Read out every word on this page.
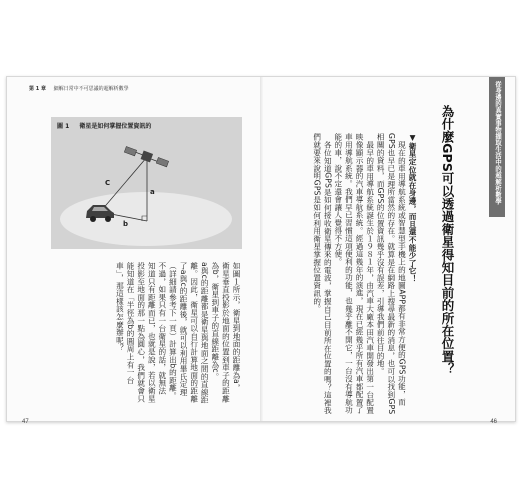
第 1 章 細解日常中不可思議的超解析數學
圖 1 衛星是如何掌握位置資訊的
a
b
C
如圖１所示，衛星到地面的距離為a，
衛星垂直投影於地面的位置到車子的距離
為b，衛星到車子的直線距離為c。
a與c的距離都是衛星與地面之間的直線距
離。因此，衛星可以自行計算地面的距離
了a與c的距離後，就可以利用畢氏定理
（詳細請參考下一頁）計算出b的距離。
不過，如果只有一台衛星的話，就無法
知道只有距離而已，也就是說，若以衛星
投影至地面的那一點為圓心，我們就會只
能知道在「半徑為b的圓周上有一台
車」，那這樣該怎麼辦呢？
▼衛星定位就在身邊，而且還不能少了它！
現在的車用導航系統或智慧型手機上的地圖APP都有非常方便的GPS功能，而GPS也早已是理所當然的存在。就算是在網路上搜尋最新的消息，也可以找到GPS相關的資料，而GPS的位置資訊幾乎沒有誤差，引導我們前往目的地。
最早的車用導航系統誕生於１９８１年，由汽車大廠本田汽車開發出第一台配置映像顯示器的汽車導航系統。經過這幾年的演進，現在已經幾乎所有汽車都配置了車用導航系統。我們早已習慣這項便利的功能，也幾乎離不開它，一台沒有導航功能的車，說不定還會讓人覺得不方便。
各位知道GPS是如何接收衛星傳來的電波，掌握自己目前所在位置的嗎？這裡我們就要來說明GPS是如何利用衛星掌握位置資訊的。	為什麼GPS可以透過衛星得知目前的所在位置？	從身邊的真實事物擷取生活中的超解析數學
47	46
